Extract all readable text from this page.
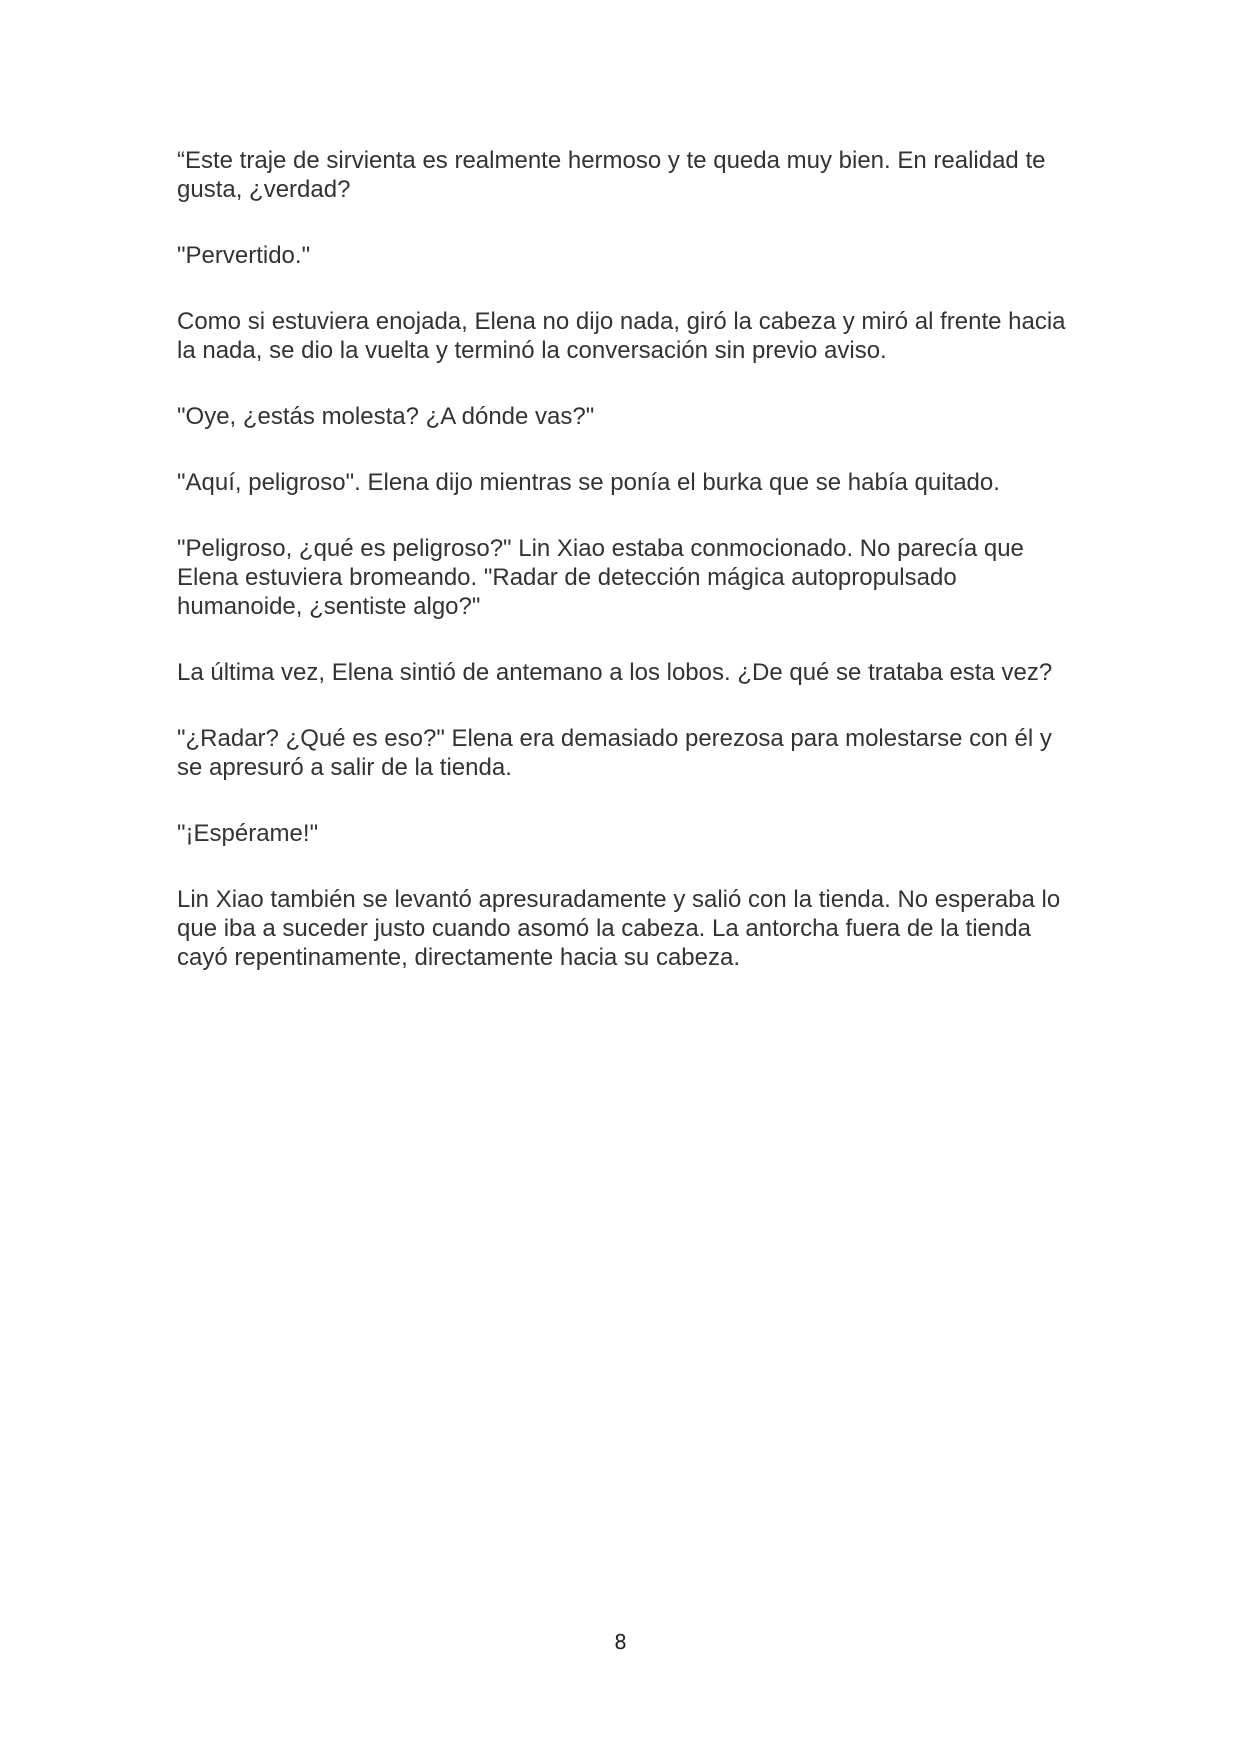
“Este traje de sirvienta es realmente hermoso y te queda muy bien. En realidad te gusta, ¿verdad?

"Pervertido."

Como si estuviera enojada, Elena no dijo nada, giró la cabeza y miró al frente hacia la nada, se dio la vuelta y terminó la conversación sin previo aviso.

"Oye, ¿estás molesta? ¿A dónde vas?"

"Aquí, peligroso". Elena dijo mientras se ponía el burka que se había quitado.

"Peligroso, ¿qué es peligroso?" Lin Xiao estaba conmocionado. No parecía que Elena estuviera bromeando. "Radar de detección mágica autopropulsado humanoide, ¿sentiste algo?"

La última vez, Elena sintió de antemano a los lobos. ¿De qué se trataba esta vez?

"¿Radar? ¿Qué es eso?" Elena era demasiado perezosa para molestarse con él y se apresuró a salir de la tienda.

"¡Espérame!"

Lin Xiao también se levantó apresuradamente y salió con la tienda. No esperaba lo que iba a suceder justo cuando asomó la cabeza. La antorcha fuera de la tienda cayó repentinamente, directamente hacia su cabeza.

8
